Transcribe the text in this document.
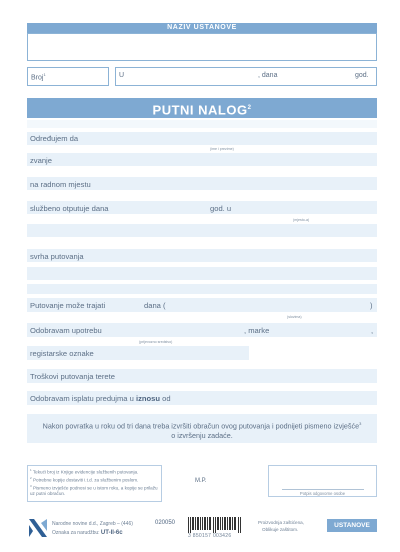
NAZIV USTANOVE
Broj$^1$	U	, dana	god.
PUTNI NALOG$^2$
Određujem da
(ime i prezime)
zvanje
na radnom mjestu
službeno otputuje dana	god. u
(mjesto-a)
svrha putovanja
Putovanje može trajati	dana (	)
(slovima)
Odobravam upotrebu	, marke	,
(prijevozno sredstvo)
registarske oznake
Troškovi putovanja terete
Odobravam isplatu predujma u iznosu od
Nakon povratka u roku od tri dana treba izvršiti obračun ovog putovanja i podnijeti pismeno izvješće$^3$
o izvršenju zadaće.
$^1$ Tekući broj iz Knjige evidencije službenih putovanja.
$^2$ Potrebne kopije dostaviti i.t.d. za službenim poslom.
$^3$ Pismeno izvješće podnosi se u istom roku, a kopije se prilažu uz putni obračun.
M.P.
Potpis odgovorne osobe
Narodne novine d.d., Zagreb – (446)	020050
Oznaka za narudžbu: UT-II-6c	3 850157 003426
Proizvodnja zaštićena,
Oblikuje zaštitom.
USTANOVE
